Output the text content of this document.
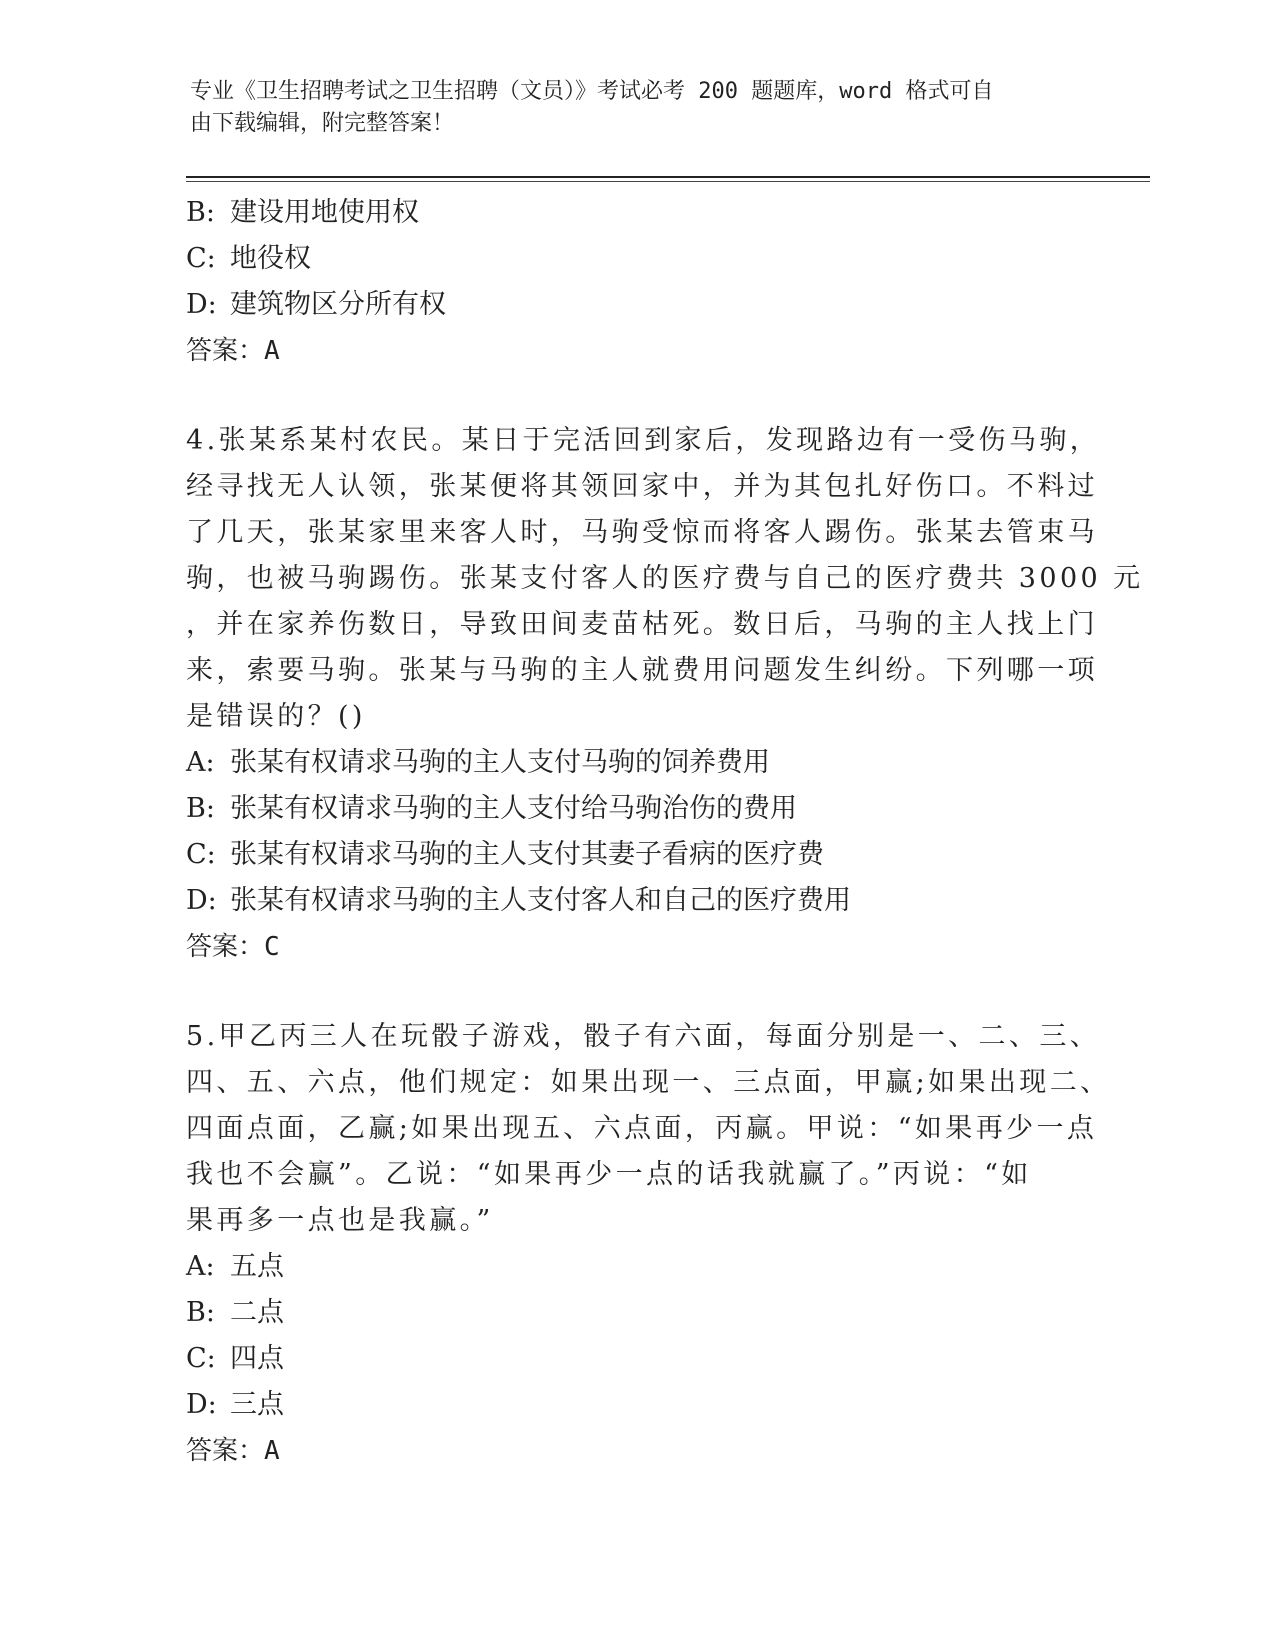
专业《卫生招聘考试之卫生招聘（文员）》考试必考 200 题题库，word 格式可自
由下载编辑，附完整答案！
B: 建设用地使用权
C: 地役权
D: 建筑物区分所有权
答案：A
4.张某系某村农民。某日于完活回到家后，发现路边有一受伤马驹，
经寻找无人认领，张某便将其领回家中，并为其包扎好伤口。不料过
了几天，张某家里来客人时，马驹受惊而将客人踢伤。张某去管束马
驹，也被马驹踢伤。张某支付客人的医疗费与自己的医疗费共 3000 元
，并在家养伤数日，导致田间麦苗枯死。数日后，马驹的主人找上门
来，索要马驹。张某与马驹的主人就费用问题发生纠纷。下列哪一项
是错误的？()
A: 张某有权请求马驹的主人支付马驹的饲养费用
B: 张某有权请求马驹的主人支付给马驹治伤的费用
C: 张某有权请求马驹的主人支付其妻子看病的医疗费
D: 张某有权请求马驹的主人支付客人和自己的医疗费用
答案：C
5.甲乙丙三人在玩骰子游戏，骰子有六面，每面分别是一、二、三、
四、五、六点，他们规定：如果出现一、三点面，甲赢;如果出现二、
四面点面，乙赢;如果出现五、六点面，丙赢。甲说：“如果再少一点
我也不会赢”。乙说：“如果再少一点的话我就赢了。”丙说：“如
果再多一点也是我赢。”
A: 五点
B: 二点
C: 四点
D: 三点
答案：A
